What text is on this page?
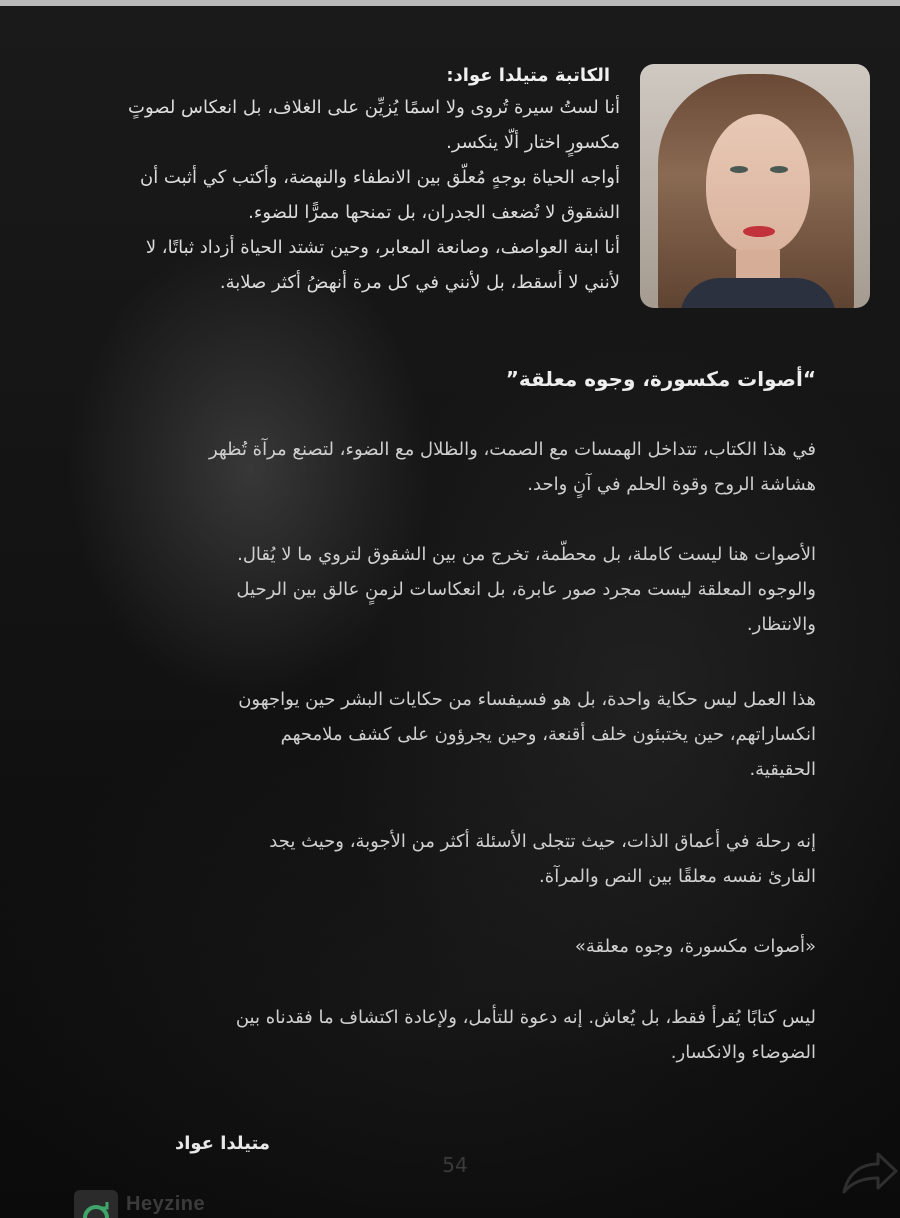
الكاتبة متيلدا عواد:

أنا لستُ سيرة تُروى ولا اسمًا يُزيِّن على الغلاف، بل انعكاس لصوتٍ
مكسورٍ اختار ألّا ينكسر.
أواجه الحياة بوجهٍ مُعلّق بين الانطفاء والنهضة، وأكتب كي أثبت أن
الشقوق لا تُضعف الجدران، بل تمنحها ممرًّا للضوء.
أنا ابنة العواصف، وصانعة المعابر، وحين تشتد الحياة أزداد ثباتًا، لا
لأنني لا أسقط، بل لأنني في كل مرة أنهضُ أكثر صلابة.

“أصوات مكسورة، وجوه معلقة”

في هذا الكتاب، تتداخل الهمسات مع الصمت، والظلال مع الضوء، لتصنع مرآة تُظهر
هشاشة الروح وقوة الحلم في آنٍ واحد.

الأصوات هنا ليست كاملة، بل محطّمة، تخرج من بين الشقوق لتروي ما لا يُقال.
والوجوه المعلقة ليست مجرد صور عابرة، بل انعكاسات لزمنٍ عالق بين الرحيل
والانتظار.

هذا العمل ليس حكاية واحدة، بل هو فسيفساء من حكايات البشر حين يواجهون
انكساراتهم، حين يختبئون خلف أقنعة، وحين يجرؤون على كشف ملامحهم
الحقيقية.

إنه رحلة في أعماق الذات، حيث تتجلى الأسئلة أكثر من الأجوبة، وحيث يجد
القارئ نفسه معلقًا بين النص والمرآة.

«أصوات مكسورة، وجوه معلقة»

ليس كتابًا يُقرأ فقط، بل يُعاش. إنه دعوة للتأمل، ولإعادة اكتشاف ما فقدناه بين
الضوضاء والانكسار.

متيلدا عواد

54
Heyzine
